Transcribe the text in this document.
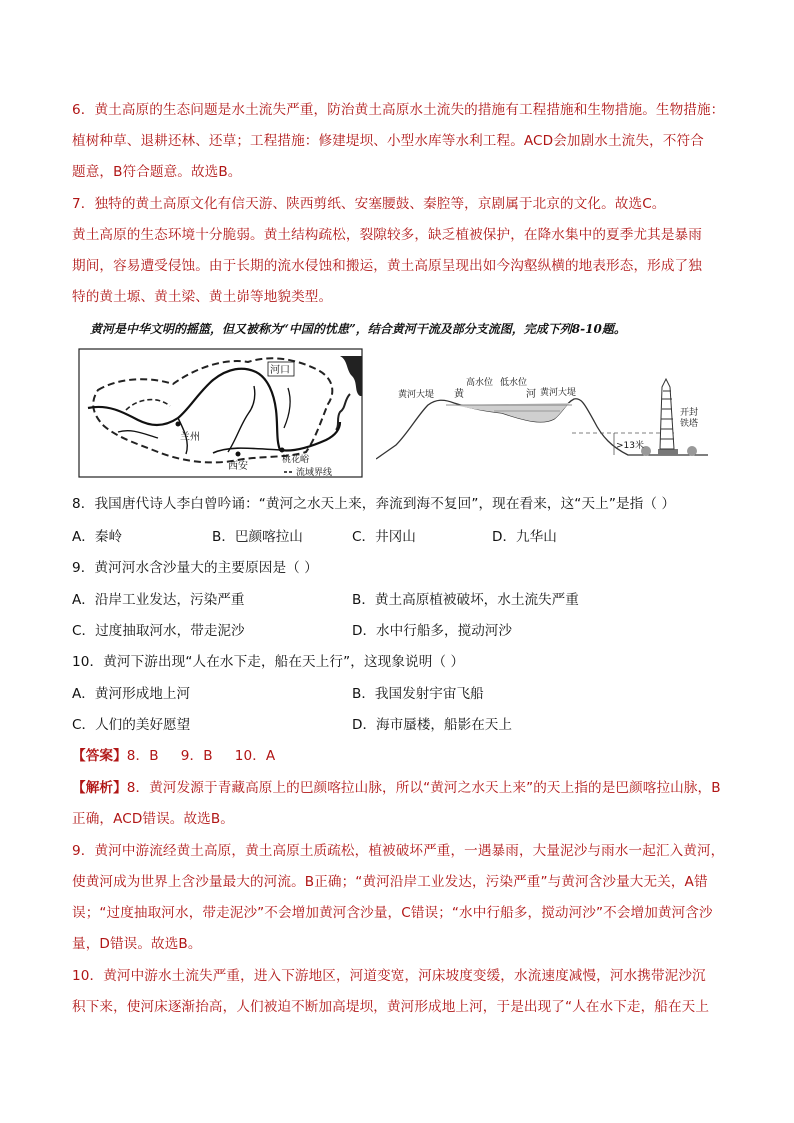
6．黄土高原的生态问题是水土流失严重，防治黄土高原水土流失的措施有工程措施和生物措施。生物措施：
植树种草、退耕还林、还草；工程措施：修建堤坝、小型水库等水利工程。ACD会加剧水土流失，不符合
题意，B符合题意。故选B。
7．独特的黄土高原文化有信天游、陕西剪纸、安塞腰鼓、秦腔等，京剧属于北京的文化。故选C。
黄土高原的生态环境十分脆弱。黄土结构疏松，裂隙较多，缺乏植被保护，在降水集中的夏季尤其是暴雨
期间，容易遭受侵蚀。由于长期的流水侵蚀和搬运，黄土高原呈现出如今沟壑纵横的地表形态，形成了独
特的黄土塬、黄土梁、黄土峁等地貌类型。
黄河是中华文明的摇篮，但又被称为“中国的忧患”，结合黄河干流及部分支流图，完成下列8-10题。
河口
兰州
西安
桃花峪
流域界线
黄河大堤	黄河大堤
高水位 低水位
黄	河
开封
铁塔
>13米
8．我国唐代诗人李白曾吟诵：“黄河之水天上来，奔流到海不复回”，现在看来，这“天上”是指（ ）
A．秦岭	B．巴颜喀拉山	C．井冈山	D．九华山
9．黄河河水含沙量大的主要原因是（ ）
A．沿岸工业发达，污染严重	B．黄土高原植被破坏，水土流失严重
C．过度抽取河水，带走泥沙	D．水中行船多，搅动河沙
10．黄河下游出现“人在水下走，船在天上行”，这现象说明（ ）
A．黄河形成地上河	B．我国发射宇宙飞船
C．人们的美好愿望	D．海市蜃楼，船影在天上
【答案】8．B     9．B     10．A
【解析】8．黄河发源于青藏高原上的巴颜喀拉山脉，所以“黄河之水天上来”的天上指的是巴颜喀拉山脉，B
正确，ACD错误。故选B。
9．黄河中游流经黄土高原，黄土高原土质疏松，植被破坏严重，一遇暴雨，大量泥沙与雨水一起汇入黄河，
使黄河成为世界上含沙量最大的河流。B正确；“黄河沿岸工业发达，污染严重”与黄河含沙量大无关，A错
误；“过度抽取河水，带走泥沙”不会增加黄河含沙量，C错误；“水中行船多，搅动河沙”不会增加黄河含沙
量，D错误。故选B。
10．黄河中游水土流失严重，进入下游地区，河道变宽，河床坡度变缓，水流速度减慢，河水携带泥沙沉
积下来，使河床逐渐抬高，人们被迫不断加高堤坝，黄河形成地上河，于是出现了“人在水下走，船在天上
